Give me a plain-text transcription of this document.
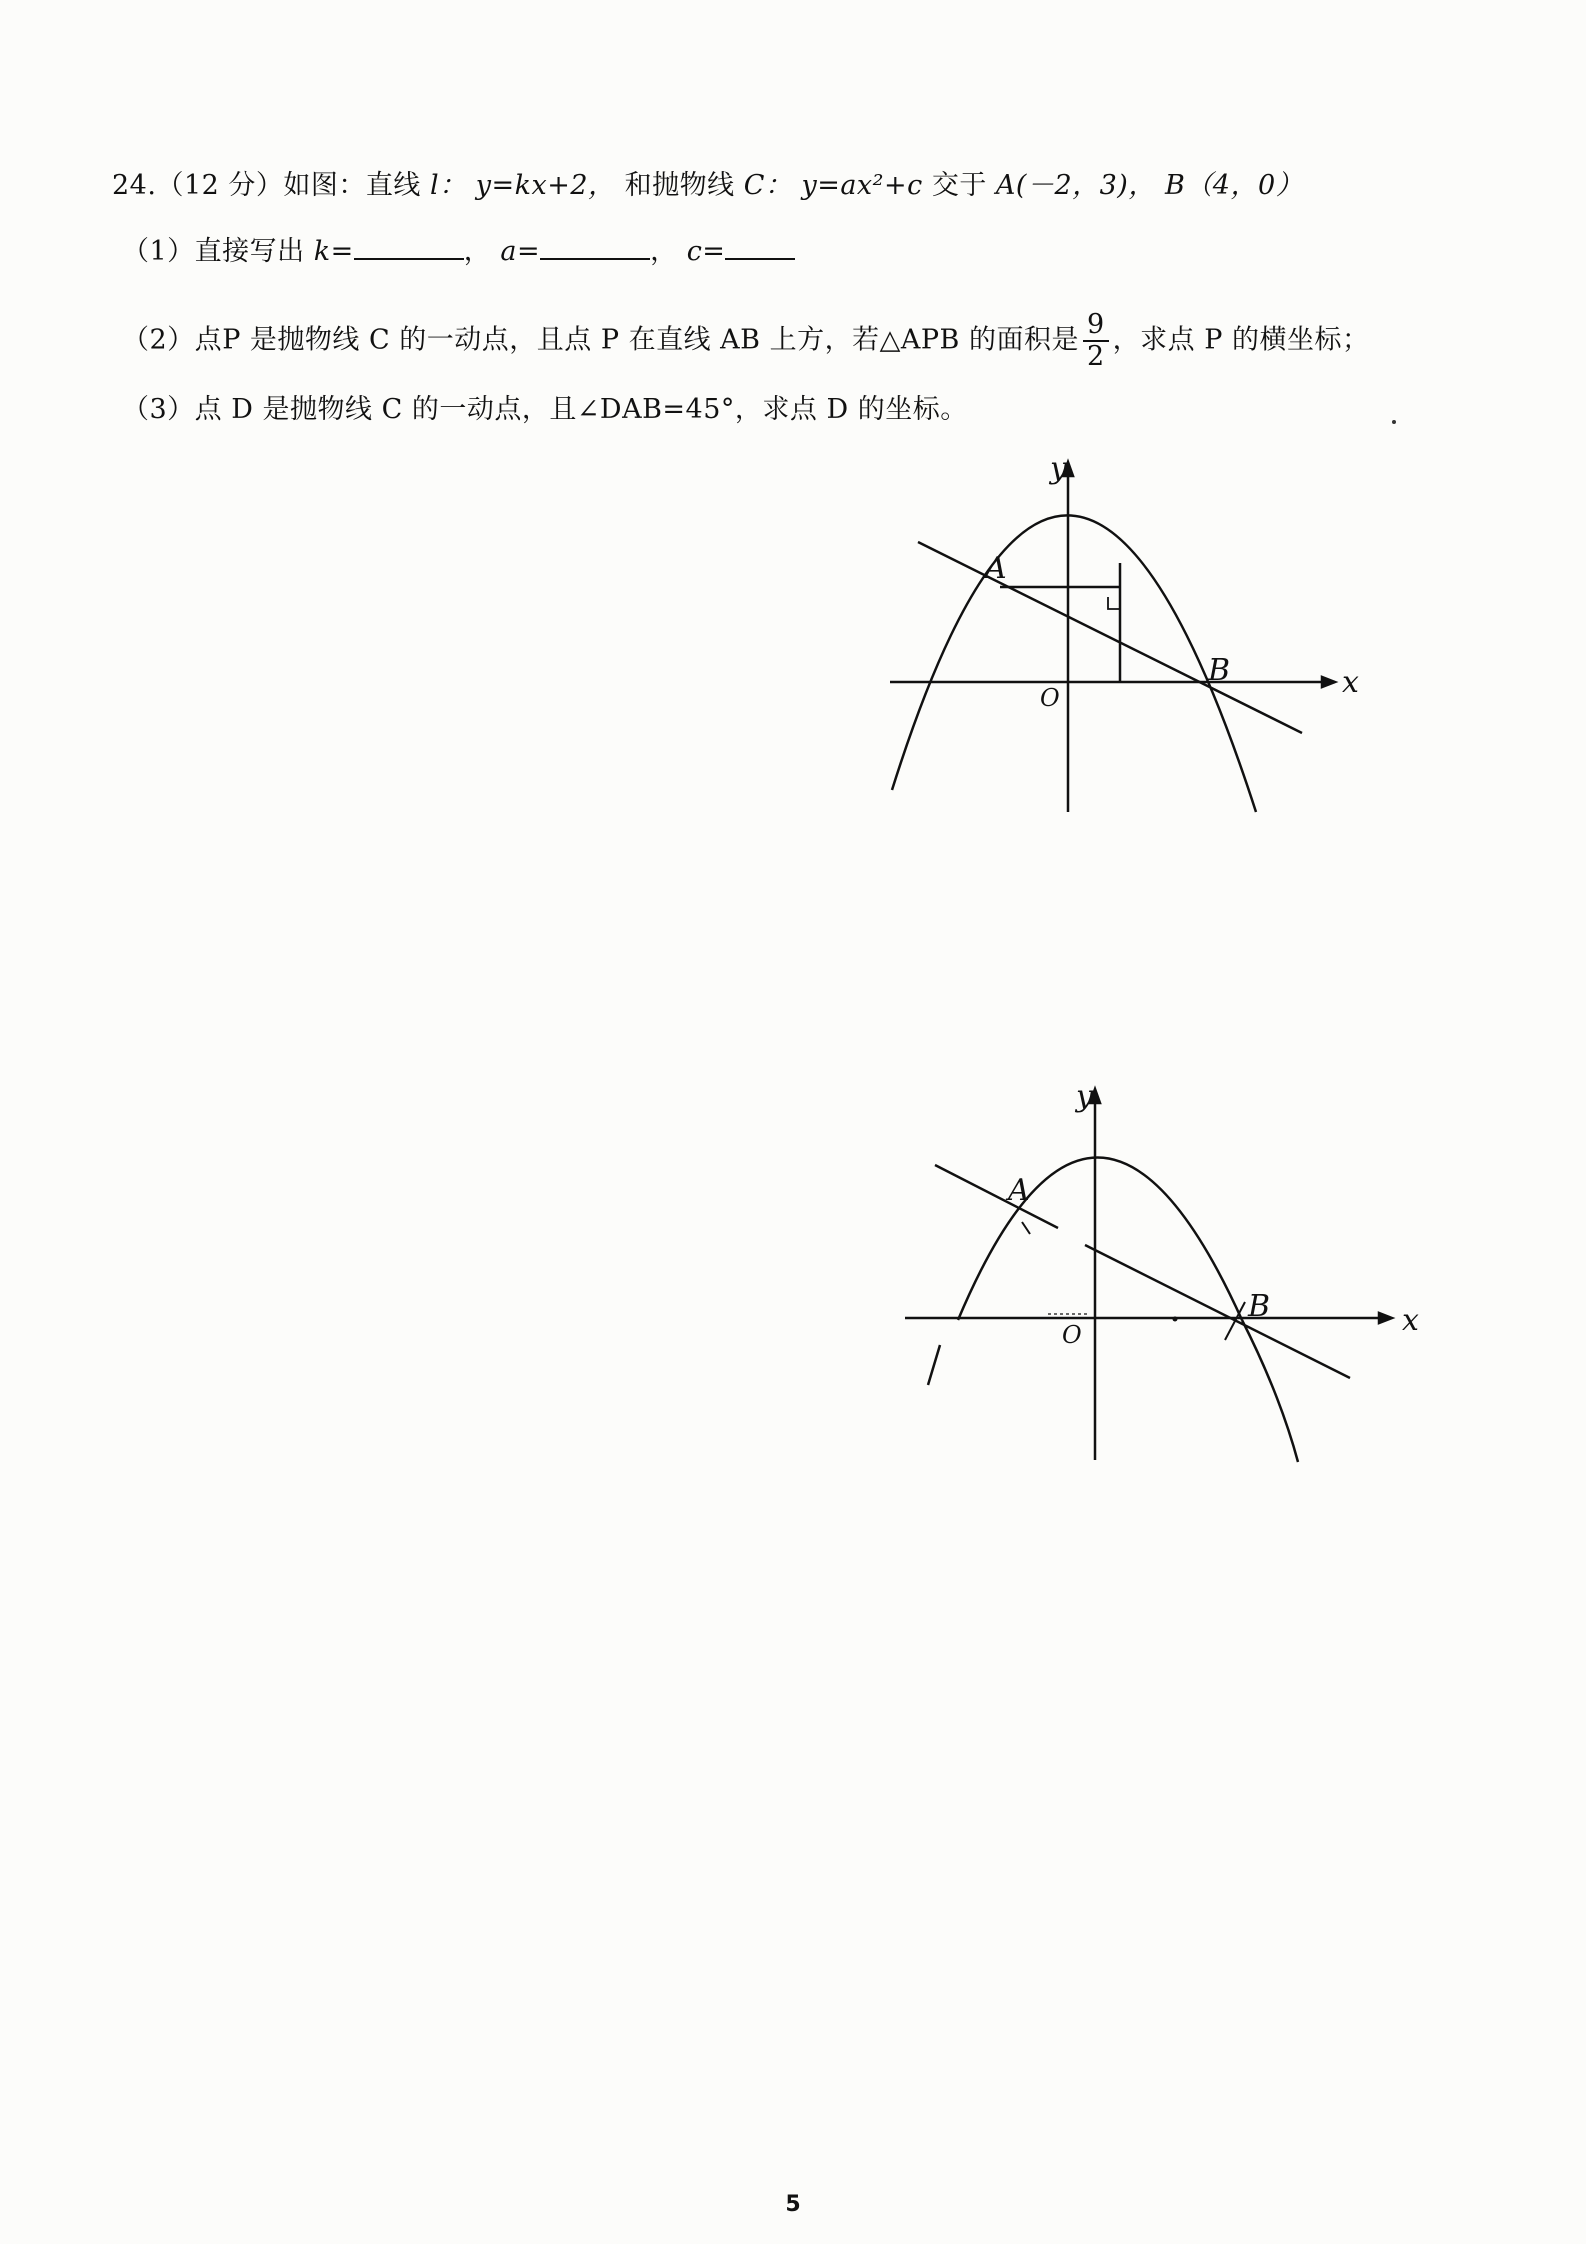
24.（12 分）如图：直线 l： y=kx+2， 和抛物线 C： y=ax²+c 交于 A(－2，3)， B（4，0）
（1）直接写出 k=	， a=	， c=
（2）点P 是抛物线 C 的一动点，且点 P 在直线 AB 上方，若△APB 的面积是 $\frac{9}{2}$ ，求点 P 的横坐标；
（3）点 D 是抛物线 C 的一动点，且∠DAB=45°，求点 D 的坐标。
y
x
O
A
B
y
x
O
A
B
5
